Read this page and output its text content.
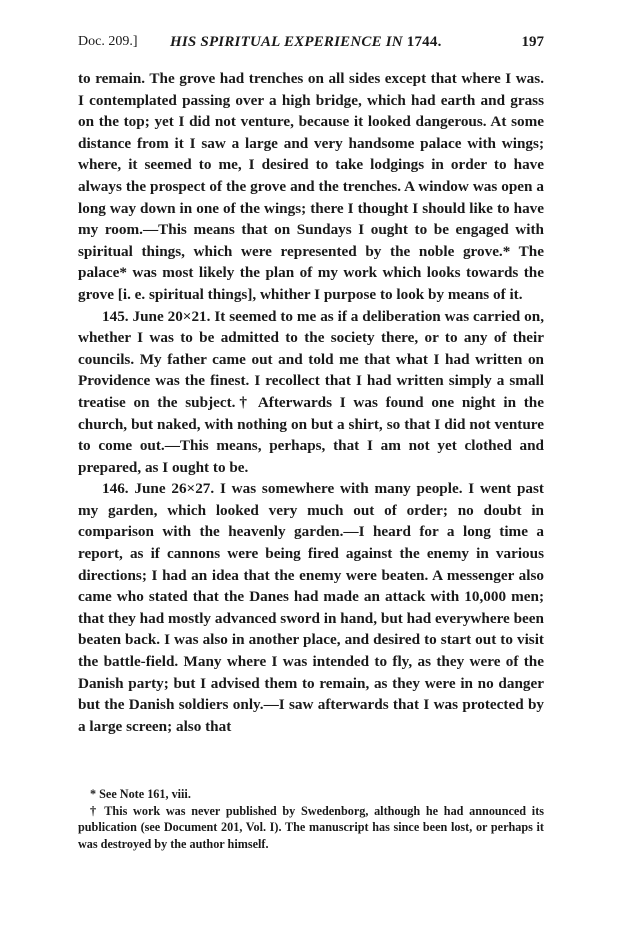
Doc. 209.] HIS SPIRITUAL EXPERIENCE IN 1744.	197

to remain. The grove had trenches on all sides except that where I was. I contemplated passing over a high bridge, which had earth and grass on the top; yet I did not venture, because it looked dangerous. At some distance from it I saw a large and very handsome palace with wings; where, it seemed to me, I desired to take lodgings in order to have always the prospect of the grove and the trenches. A window was open a long way down in one of the wings; there I thought I should like to have my room.—This means that on Sundays I ought to be engaged with spiritual things, which were represented by the noble grove.* The palace* was most likely the plan of my work which looks towards the grove [i. e. spiritual things], whither I purpose to look by means of it.

145. June 20×21. It seemed to me as if a deliberation was carried on, whether I was to be admitted to the society there, or to any of their councils. My father came out and told me that what I had written on Providence was the finest. I recollect that I had written simply a small treatise on the subject.† Afterwards I was found one night in the church, but naked, with nothing on but a shirt, so that I did not venture to come out.—This means, perhaps, that I am not yet clothed and prepared, as I ought to be.

146. June 26×27. I was somewhere with many people. I went past my garden, which looked very much out of order; no doubt in comparison with the heavenly garden.—I heard for a long time a report, as if cannons were being fired against the enemy in various directions; I had an idea that the enemy were beaten. A messenger also came who stated that the Danes had made an attack with 10,000 men; that they had mostly advanced sword in hand, but had everywhere been beaten back. I was also in another place, and desired to start out to visit the battle-field. Many where I was intended to fly, as they were of the Danish party; but I advised them to remain, as they were in no danger but the Danish soldiers only.—I saw afterwards that I was protected by a large screen; also that

* See Note 161, viii.

† This work was never published by Swedenborg, although he had announced its publication (see Document 201, Vol. I). The manuscript has since been lost, or perhaps it was destroyed by the author himself.
